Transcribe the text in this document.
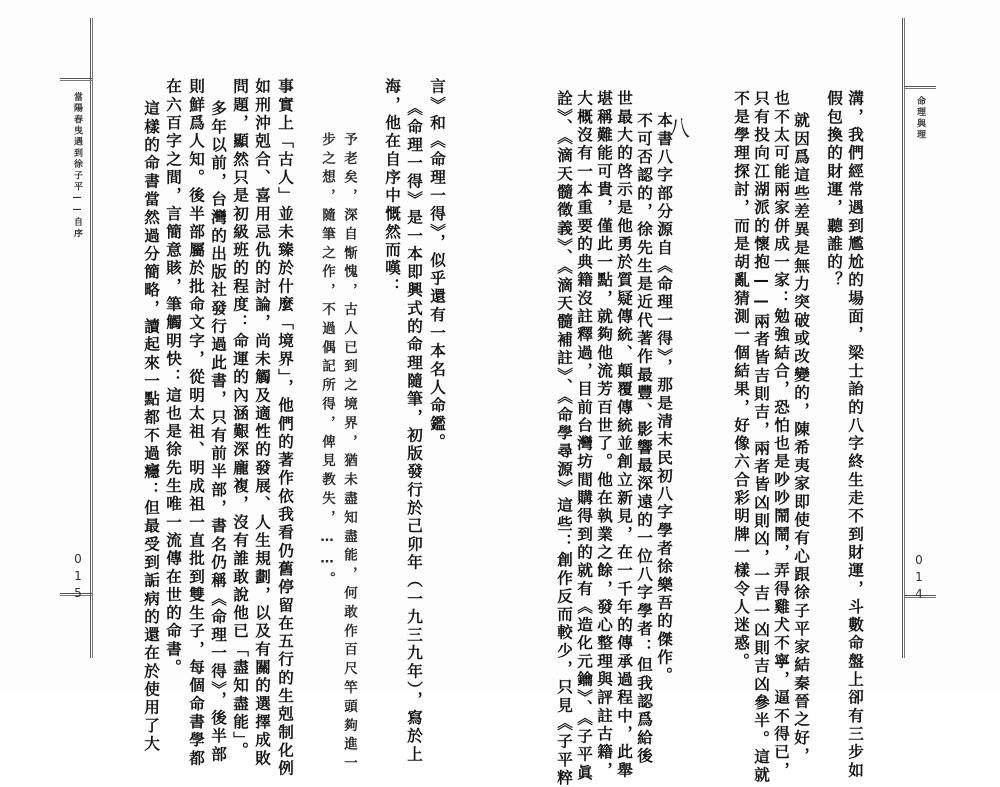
當陽春曳遇到徐子平——自序
015
言》和《命理一得》，似乎還有一本名人命鑑。
《命理一得》是一本即興式的命理隨筆，初版發行於己卯年（一九三九年），寫於上
海，他在自序中慨然而嘆：
予老矣，深自惭愧，古人已到之境界，猶未盡知盡能，何敢作百尺竿頭夠進一
步之想，隨筆之作，不過偶記所得，俾見教失，……。
事實上「古人」並未臻於什麼「境界」，他們的著作依我看仍舊停留在五行的生剋制化例
如刑沖剋合、喜用忌仇的討論，尚未觸及適性的發展、人生規劃，以及有關的選擇成敗
問題，顯然只是初級班的程度：命運的內涵艱深龐複，沒有誰敢說他已「盡知盡能」。
多年以前，台灣的出版社發行過此書，只有前半部，書名仍稱《命理一得》，後半部
則鮮爲人知。後半部屬於批命文字，從明太祖、明成祖一直批到雙生子，每個命書學都
在六百字之間，言簡意賅，筆觸明快：這也是徐先生唯一流傳在世的命書。
這樣的命書當然過分簡略，讀起來一點都不過癮：但最受到詬病的還在於使用了大	命理與理
014
溝，我們經常遇到尷尬的場面，梁士詒的八字終生走不到財運，斗數命盤上卻有三步如
假包換的財運，聽誰的？
就因爲這些差異是無力突破或改變的，陳希夷家即使有心跟徐子平家結秦晉之好，
也不太可能兩家併成一家：勉強結合，恐怕也是吵吵鬧鬧，弄得雞犬不寧，逼不得已，
只有投向江湖派的懷抱——兩者皆吉則吉，兩者皆凶則凶，一吉一凶則吉凶參半。這就
不是學理探討，而是胡亂猜測一個結果，好像六合彩明牌一樣令人迷惑。
八
本書八字部分源自《命理一得》，那是清末民初八字學者徐樂吾的傑作。
不可否認的，徐先生是近代著作最豐、影響最深遠的一位八字學者：但我認爲給後
世最大的啓示是他勇於質疑傳統、顛覆傳統並創立新見，在一千年的傳承過程中，此舉
堪稱難能可貴，僅此一點，就夠他流芳百世了。他在執業之餘，發心整理與評註古籍，
大概沒有一本重要的典籍沒註釋過，目前台灣坊間購得到的就有《造化元鑰》、《子平眞
詮》、《滴天髓徵義》、《滴天髓補註》、《命學尋源》這些：創作反而較少，只見《子平粹
